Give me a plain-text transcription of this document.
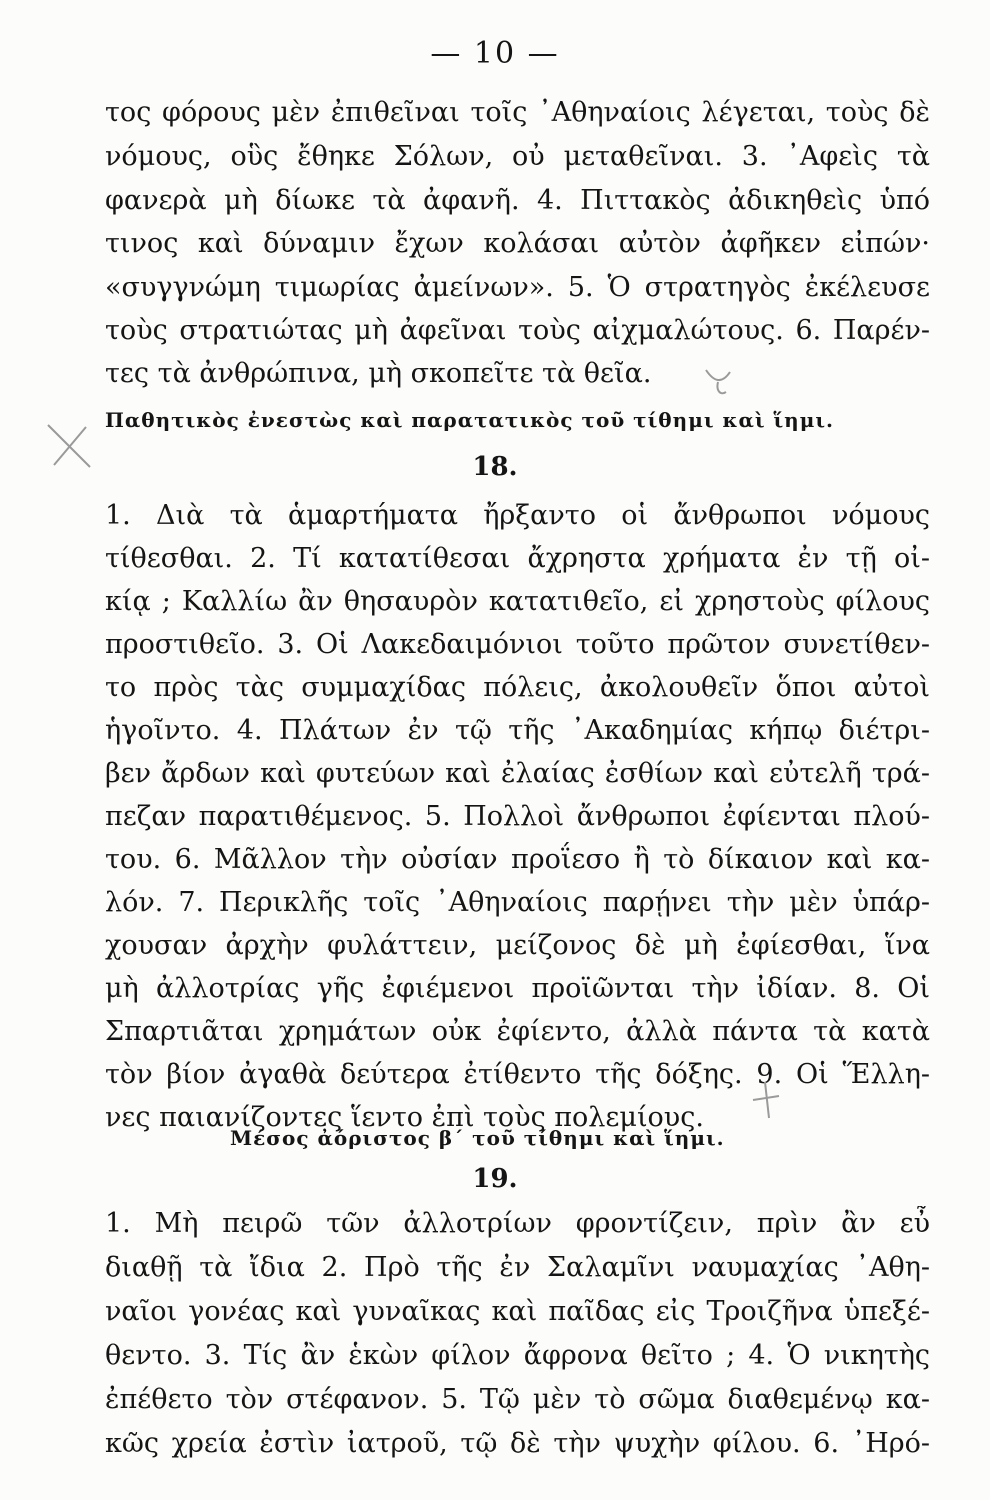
— 10 —
τος φόρους μὲν ἐπιθεῖναι τοῖς ᾿Αθηναίοις λέγεται, τοὺς δὲ
νόμους, οὓς ἔθηκε Σόλων, οὐ μεταθεῖναι. 3. ᾿Αφεὶς τὰ
φανερὰ μὴ δίωκε τὰ ἀφανῆ. 4. Πιττακὸς ἀδικηθεὶς ὑπό
τινος καὶ δύναμιν ἔχων κολάσαι αὐτὸν ἀφῆκεν εἰπών·
«συγγνώμη τιμωρίας ἀμείνων». 5. Ὁ στρατηγὸς ἐκέλευσε
τοὺς στρατιώτας μὴ ἀφεῖναι τοὺς αἰχμαλώτους. 6. Παρέν-
τες τὰ ἀνθρώπινα, μὴ σκοπεῖτε τὰ θεῖα.
Παθητικὸς ἐνεστὼς καὶ παρατατικὸς τοῦ τίθημι καὶ ἵημι.
18.
1. Διὰ τὰ ἁμαρτήματα ἤρξαντο οἱ ἄνθρωποι νόμους
τίθεσθαι. 2. Τί κατατίθεσαι ἄχρηστα χρήματα ἐν τῇ οἰ-
κίᾳ ; Καλλίω ἂν θησαυρὸν κατατιθεῖο, εἰ χρηστοὺς φίλους
προστιθεῖο. 3. Οἱ Λακεδαιμόνιοι τοῦτο πρῶτον συνετίθεν-
το πρὸς τὰς συμμαχίδας πόλεις, ἀκολουθεῖν ὅποι αὐτοὶ
ἡγοῖντο. 4. Πλάτων ἐν τῷ τῆς ᾿Ακαδημίας κήπῳ διέτρι-
βεν ἄρδων καὶ φυτεύων καὶ ἐλαίας ἐσθίων καὶ εὐτελῆ τρά-
πεζαν παρατιθέμενος. 5. Πολλοὶ ἄνθρωποι ἐφίενται πλού-
του. 6. Μᾶλλον τὴν οὐσίαν προΐεσο ἢ τὸ δίκαιον καὶ κα-
λόν. 7. Περικλῆς τοῖς ᾿Αθηναίοις παρῄνει τὴν μὲν ὑπάρ-
χουσαν ἀρχὴν φυλάττειν, μείζονος δὲ μὴ ἐφίεσθαι, ἵνα
μὴ ἀλλοτρίας γῆς ἐφιέμενοι προϊῶνται τὴν ἰδίαν. 8. Οἱ
Σπαρτιᾶται χρημάτων οὐκ ἐφίεντο, ἀλλὰ πάντα τὰ κατὰ
τὸν βίον ἀγαθὰ δεύτερα ἐτίθεντο τῆς δόξης. 9. Οἱ Ἕλλη-
νες παιανίζοντες ἵεντο ἐπὶ τοὺς πολεμίους.
Μέσος ἀόριστος β΄ τοῦ τίθημι καὶ ἵημι.
19.
1. Μὴ πειρῶ τῶν ἀλλοτρίων φροντίζειν, πρὶν ἂν εὖ
διαθῇ τὰ ἴδια 2. Πρὸ τῆς ἐν Σαλαμῖνι ναυμαχίας ᾿Αθη-
ναῖοι γονέας καὶ γυναῖκας καὶ παῖδας εἰς Τροιζῆνα ὑπεξέ-
θεντο. 3. Τίς ἂν ἑκὼν φίλον ἄφρονα θεῖτο ; 4. Ὁ νικητὴς
ἐπέθετο τὸν στέφανον. 5. Τῷ μὲν τὸ σῶμα διαθεμένῳ κα-
κῶς χρεία ἐστὶν ἰατροῦ, τῷ δὲ τὴν ψυχὴν φίλου. 6. ᾿Ηρό-
